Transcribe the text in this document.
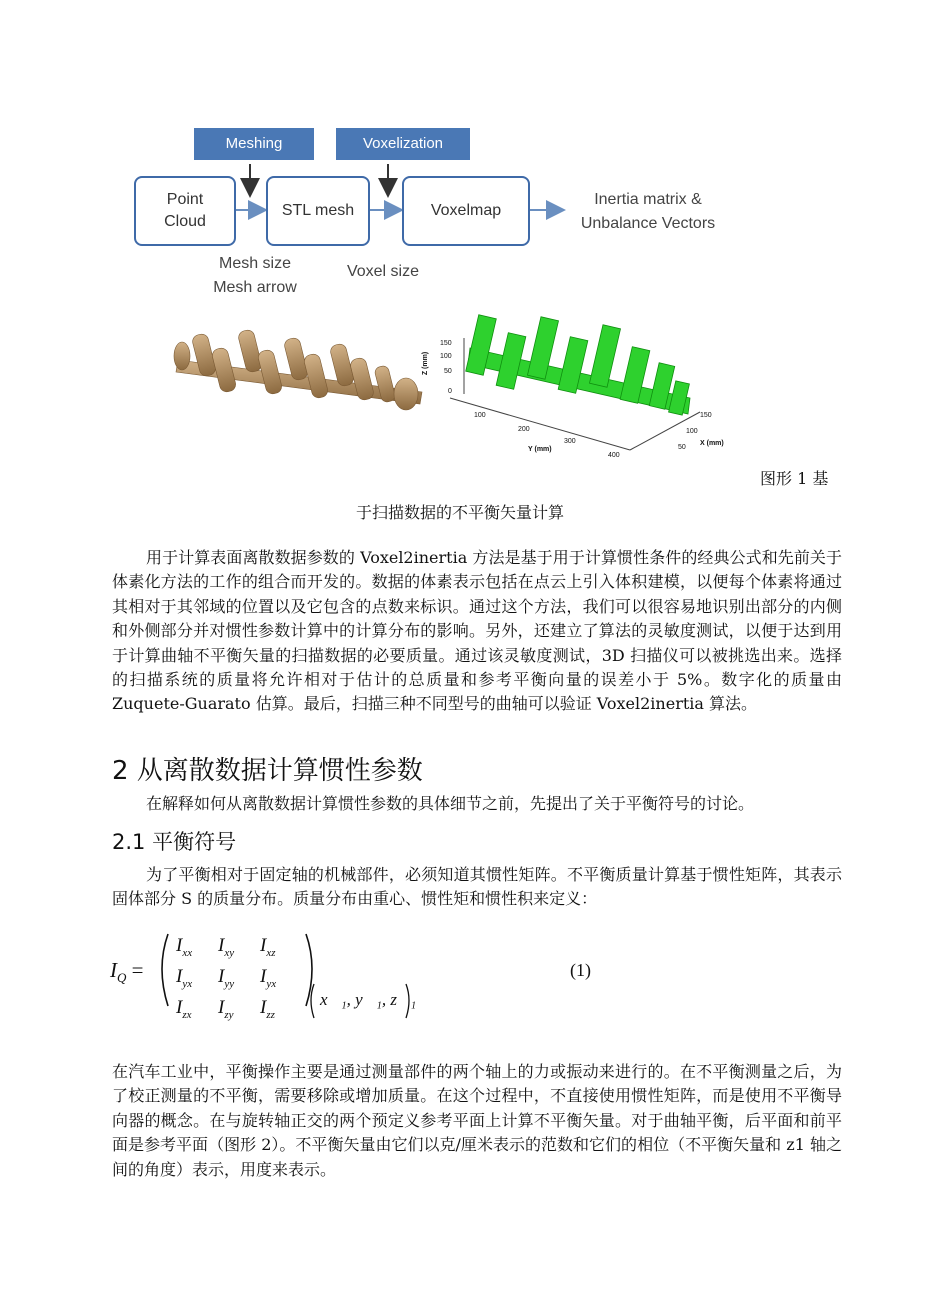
Meshing	Voxelization
Point
Cloud
STL mesh	Voxelmap
Inertia matrix &
Unbalance Vectors
Mesh size
Mesh arrow
Voxel size
Z (mm)
150
100
50
0
100
200
300
400
Y (mm)
150
100
50
X (mm)
图形 1 基
于扫描数据的不平衡矢量计算
用于计算表面离散数据参数的 Voxel2inertia 方法是基于用于计算惯性条件的经典公式和先前关于体素化方法的工作的组合而开发的。数据的体素表示包括在点云上引入体积建模，以便每个体素将通过其相对于其邻域的位置以及它包含的点数来标识。通过这个方法，我们可以很容易地识别出部分的内侧和外侧部分并对惯性参数计算中的计算分布的影响。另外，还建立了算法的灵敏度测试，以便于达到用于计算曲轴不平衡矢量的扫描数据的必要质量。通过该灵敏度测试，3D 扫描仪可以被挑选出来。选择的扫描系统的质量将允许相对于估计的总质量和参考平衡向量的误差小于 5%。数字化的质量由 Zuquete-Guarato 估算。最后，扫描三种不同型号的曲轴可以验证 Voxel2inertia 算法。
2 从离散数据计算惯性参数
在解释如何从离散数据计算惯性参数的具体细节之前，先提出了关于平衡符号的讨论。
2.1 平衡符号
为了平衡相对于固定轴的机械部件，必须知道其惯性矩阵。不平衡质量计算基于惯性矩阵，其表示固体部分 S 的质量分布。质量分布由重心、惯性矩和惯性积来定义：
$I_Q$ =
$I_{xx}$ $I_{xy}$ $I_{xz}$
$I_{yx}$ $I_{yy}$ $I_{yx}$
$I_{zx}$ $I_{zy}$ $I_{zz}$
x⃗₁, y⃗₁, z⃗₁
(1)
在汽车工业中，平衡操作主要是通过测量部件的两个轴上的力或振动来进行的。在不平衡测量之后，为了校正测量的不平衡，需要移除或增加质量。在这个过程中，不直接使用惯性矩阵，而是使用不平衡导向器的概念。在与旋转轴正交的两个预定义参考平面上计算不平衡矢量。对于曲轴平衡，后平面和前平面是参考平面（图形 2）。不平衡矢量由它们以克/厘米表示的范数和它们的相位（不平衡矢量和 z1 轴之间的角度）表示，用度来表示。
